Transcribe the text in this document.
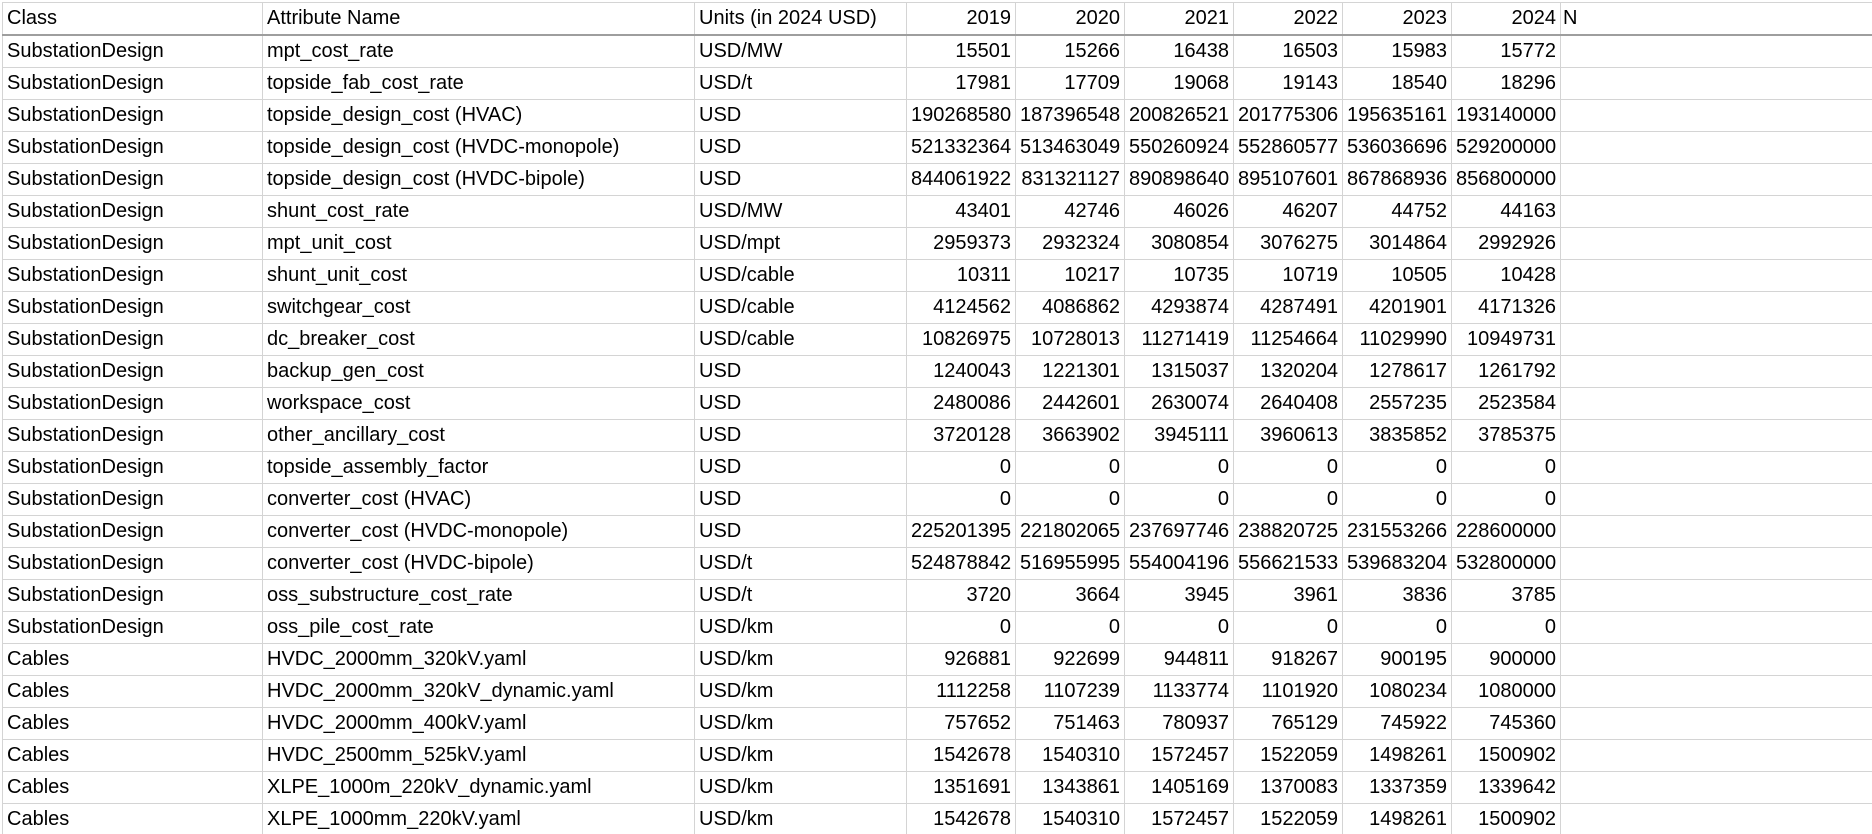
Class	Attribute Name	Units (in 2024 USD)	2019	2020	2021	2022	2023	2024	N
SubstationDesign	mpt_cost_rate	USD/MW	15501	15266	16438	16503	15983	15772	
SubstationDesign	topside_fab_cost_rate	USD/t	17981	17709	19068	19143	18540	18296	
SubstationDesign	topside_design_cost (HVAC)	USD	190268580	187396548	200826521	201775306	195635161	193140000	
SubstationDesign	topside_design_cost (HVDC-monopole)	USD	521332364	513463049	550260924	552860577	536036696	529200000	
SubstationDesign	topside_design_cost (HVDC-bipole)	USD	844061922	831321127	890898640	895107601	867868936	856800000	
SubstationDesign	shunt_cost_rate	USD/MW	43401	42746	46026	46207	44752	44163	
SubstationDesign	mpt_unit_cost	USD/mpt	2959373	2932324	3080854	3076275	3014864	2992926	
SubstationDesign	shunt_unit_cost	USD/cable	10311	10217	10735	10719	10505	10428	
SubstationDesign	switchgear_cost	USD/cable	4124562	4086862	4293874	4287491	4201901	4171326	
SubstationDesign	dc_breaker_cost	USD/cable	10826975	10728013	11271419	11254664	11029990	10949731	
SubstationDesign	backup_gen_cost	USD	1240043	1221301	1315037	1320204	1278617	1261792	
SubstationDesign	workspace_cost	USD	2480086	2442601	2630074	2640408	2557235	2523584	
SubstationDesign	other_ancillary_cost	USD	3720128	3663902	3945111	3960613	3835852	3785375	
SubstationDesign	topside_assembly_factor	USD	0	0	0	0	0	0	
SubstationDesign	converter_cost (HVAC)	USD	0	0	0	0	0	0	
SubstationDesign	converter_cost (HVDC-monopole)	USD	225201395	221802065	237697746	238820725	231553266	228600000	
SubstationDesign	converter_cost (HVDC-bipole)	USD/t	524878842	516955995	554004196	556621533	539683204	532800000	
SubstationDesign	oss_substructure_cost_rate	USD/t	3720	3664	3945	3961	3836	3785	
SubstationDesign	oss_pile_cost_rate	USD/km	0	0	0	0	0	0	
Cables	HVDC_2000mm_320kV.yaml	USD/km	926881	922699	944811	918267	900195	900000	
Cables	HVDC_2000mm_320kV_dynamic.yaml	USD/km	1112258	1107239	1133774	1101920	1080234	1080000	
Cables	HVDC_2000mm_400kV.yaml	USD/km	757652	751463	780937	765129	745922	745360	
Cables	HVDC_2500mm_525kV.yaml	USD/km	1542678	1540310	1572457	1522059	1498261	1500902	
Cables	XLPE_1000m_220kV_dynamic.yaml	USD/km	1351691	1343861	1405169	1370083	1337359	1339642	
Cables	XLPE_1000mm_220kV.yaml	USD/km	1542678	1540310	1572457	1522059	1498261	1500902	
